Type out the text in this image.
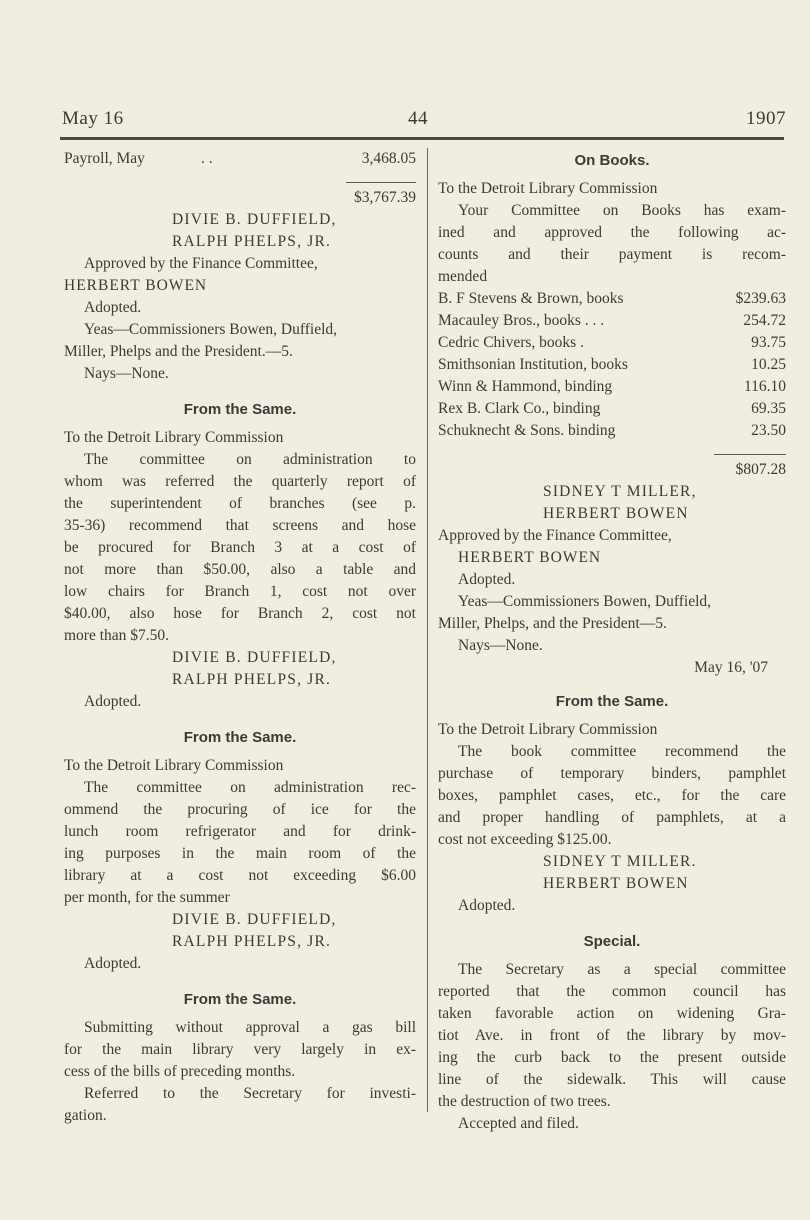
May 16	44	1907
Payroll, May	. .	3,468.05
$3,767.39
DIVIE B. DUFFIELD,
RALPH PHELPS, JR.
Approved by the Finance Committee,
HERBERT BOWEN
Adopted.
Yeas—Commissioners Bowen, Duffield,
Miller, Phelps and the President.—5.
Nays—None.
From the Same.
To the Detroit Library Commission
The committee on administration to
whom was referred the quarterly report of
the superintendent of branches (see p.
35-36) recommend that screens and hose
be procured for Branch 3 at a cost of
not more than $50.00, also a table and
low chairs for Branch 1, cost not over
$40.00, also hose for Branch 2, cost not
more than $7.50.
DIVIE B. DUFFIELD,
RALPH PHELPS, JR.
Adopted.
From the Same.
To the Detroit Library Commission
The committee on administration rec-
ommend the procuring of ice for the
lunch room refrigerator and for drink-
ing purposes in the main room of the
library at a cost not exceeding $6.00
per month, for the summer
DIVIE B. DUFFIELD,
RALPH PHELPS, JR.
Adopted.
From the Same.
Submitting without approval a gas bill
for the main library very largely in ex-
cess of the bills of preceding months.
Referred to the Secretary for investi-
gation.
On Books.
To the Detroit Library Commission
Your Committee on Books has exam-
ined and approved the following ac-
counts and their payment is recom-
mended
B. F Stevens & Brown, books	$239.63
Macauley Bros., books . . .	254.72
Cedric Chivers, books .	93.75
Smithsonian Institution, books	10.25
Winn & Hammond, binding	116.10
Rex B. Clark Co., binding	69.35
Schuknecht & Sons. binding	23.50
$807.28
SIDNEY T MILLER,
HERBERT BOWEN
Approved by the Finance Committee,
HERBERT BOWEN
Adopted.
Yeas—Commissioners Bowen, Duffield,
Miller, Phelps, and the President—5.
Nays—None.
May 16, '07
From the Same.
To the Detroit Library Commission
The book committee recommend the
purchase of temporary binders, pamphlet
boxes, pamphlet cases, etc., for the care
and proper handling of pamphlets, at a
cost not exceeding $125.00.
SIDNEY T MILLER.
HERBERT BOWEN
Adopted.
Special.
The Secretary as a special committee
reported that the common council has
taken favorable action on widening Gra-
tiot Ave. in front of the library by mov-
ing the curb back to the present outside
line of the sidewalk. This will cause
the destruction of two trees.
Accepted and filed.
